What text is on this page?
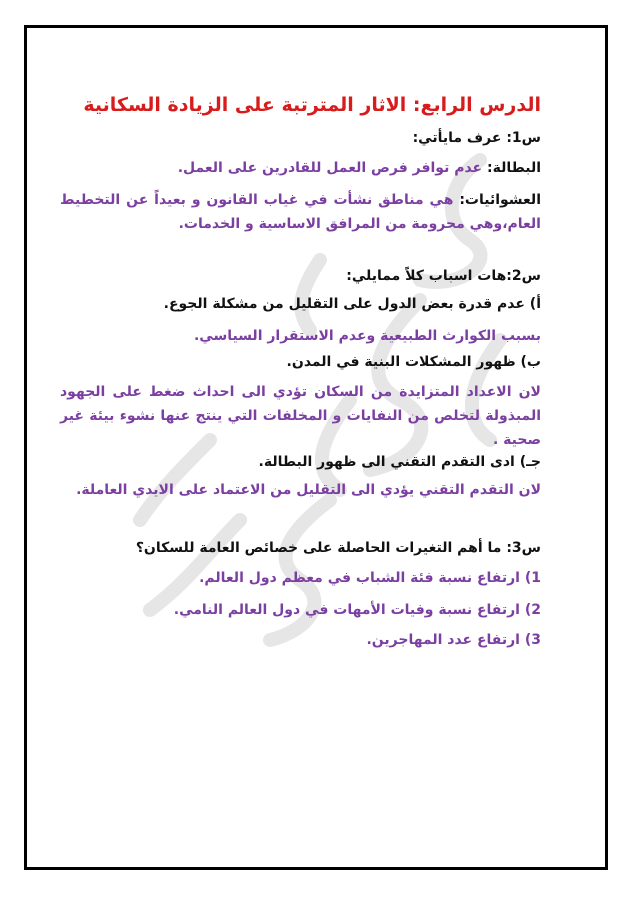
الدرس الرابع: الاثار المترتبة على الزيادة السكانية
س1: عرف مايأتي:
البطالة: عدم توافر فرص العمل للقادرين على العمل.
العشوائيات: هي مناطق نشأت في غياب القانون و بعيداً عن التخطيط العام،وهي محرومة من المرافق الاساسية و الخدمات.
س2:هات اسباب كلاً ممايلي:
أ) عدم قدرة بعض الدول على التقليل من مشكلة الجوع.
بسبب الكوارث الطبيعية وعدم الاستقرار السياسي.
ب) ظهور المشكلات البنية في المدن.
لان الاعداد المتزايدة من السكان تؤدي الى احداث ضغط على الجهود المبذولة لتخلص من النفايات و المخلفات التي ينتج عنها نشوء بيئة غير صحية .
جـ) ادى التقدم التقني الى ظهور البطالة.
لان التقدم التقني يؤدي الى التقليل من الاعتماد على الايدي العاملة.
س3: ما أهم التغيرات الحاصلة على خصائص العامة للسكان؟
1) ارتفاع نسبة فئة الشباب في معظم دول العالم.
2) ارتفاع نسبة وفيات الأمهات في دول العالم النامي.
3) ارتفاع عدد المهاجرين.
